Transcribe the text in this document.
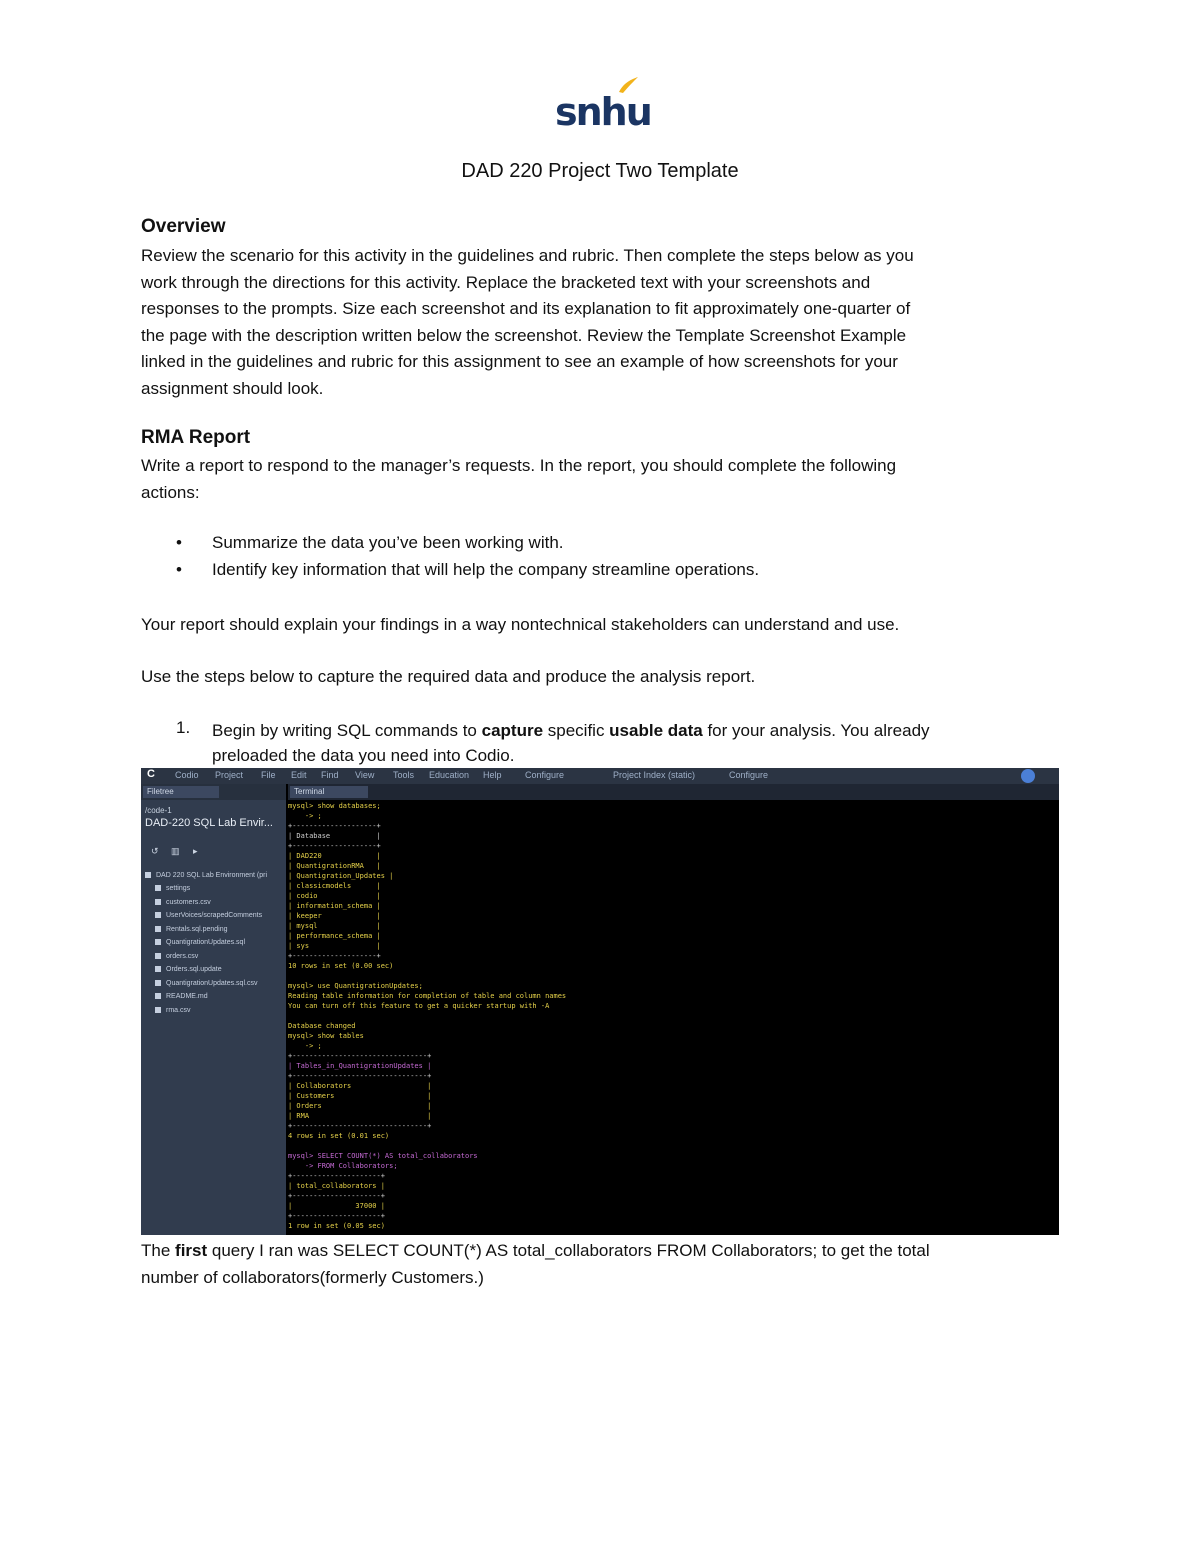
snhu
DAD 220 Project Two Template
Overview
Review the scenario for this activity in the guidelines and rubric. Then complete the steps below as you
work through the directions for this activity. Replace the bracketed text with your screenshots and
responses to the prompts. Size each screenshot and its explanation to fit approximately one-quarter of
the page with the description written below the screenshot. Review the Template Screenshot Example
linked in the guidelines and rubric for this assignment to see an example of how screenshots for your
assignment should look.
RMA Report
Write a report to respond to the manager’s requests. In the report, you should complete the following
actions:
• Summarize the data you’ve been working with.
• Identify key information that will help the company streamline operations.
Your report should explain your findings in a way nontechnical stakeholders can understand and use.
Use the steps below to capture the required data and produce the analysis report.
1. Begin by writing SQL commands to capture specific usable data for your analysis. You already
preloaded the data you need into Codio.
C Codio Project File Edit Find View Tools Education Help	Configure	Project Index (static)	Configure
Filetree
/code-1
DAD-220 SQL Lab Envir...
↺ ▥ ▸
DAD 220 SQL Lab Environment (pri
settings
customers.csv
UserVoices/scrapedComments
Rentals.sql.pending
QuantigrationUpdates.sql
orders.csv
Orders.sql.update
QuantigrationUpdates.sql.csv
README.md
rma.csv
Terminal
mysql> show databases;
-> ;
+--------------------+
| Database           |
+--------------------+
| DAD220             |
| QuantigrationRMA   |
| Quantigration_Updates |
| classicmodels      |
| codio              |
| information_schema |
| keeper             |
| mysql              |
| performance_schema |
| sys                |
+--------------------+
10 rows in set (0.00 sec)
mysql> use QuantigrationUpdates;
Reading table information for completion of table and column names
You can turn off this feature to get a quicker startup with -A
Database changed
mysql> show tables
-> ;
+--------------------------------+
| Tables_in_QuantigrationUpdates |
+--------------------------------+
| Collaborators                  |
| Customers                      |
| Orders                         |
| RMA                            |
+--------------------------------+
4 rows in set (0.01 sec)
mysql> SELECT COUNT(*) AS total_collaborators
-> FROM Collaborators;
+---------------------+
| total_collaborators |
+---------------------+
|               37000 |
+---------------------+
1 row in set (0.05 sec)
The first query I ran was SELECT COUNT(*) AS total_collaborators FROM Collaborators; to get the total
number of collaborators(formerly Customers.)
